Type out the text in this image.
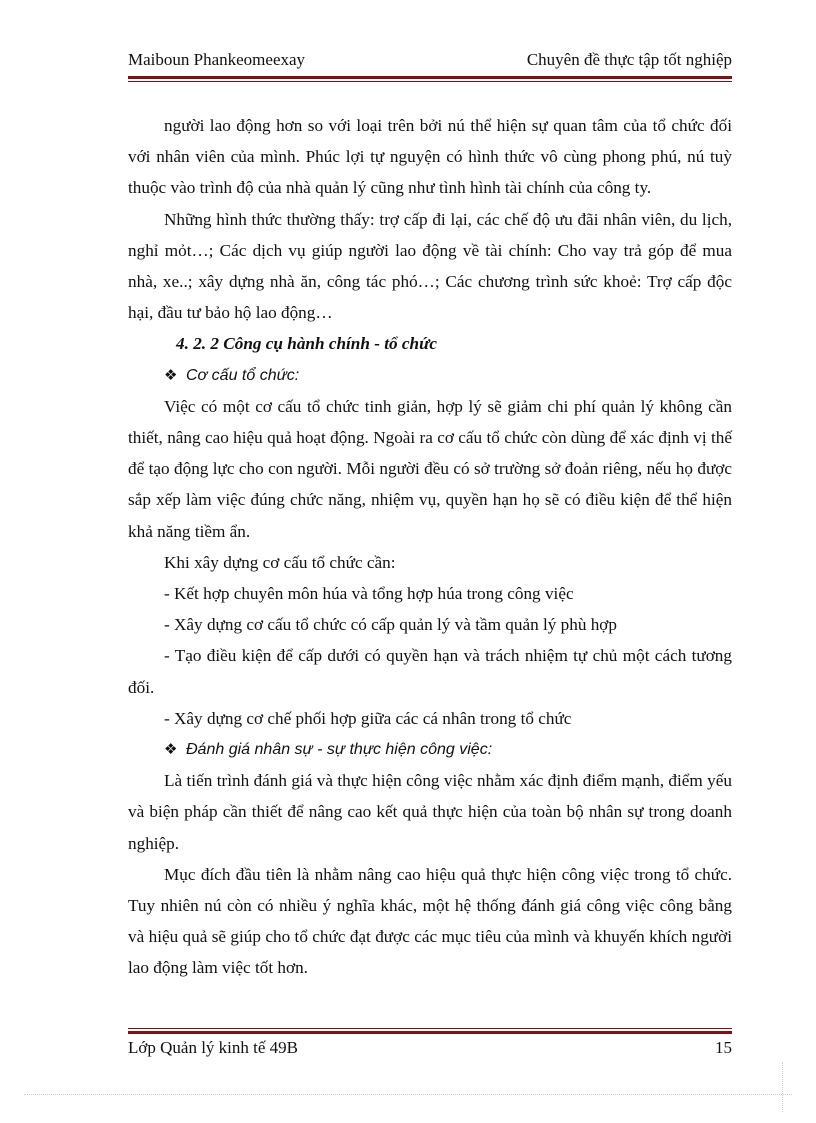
Maiboun Phankeomeexay	Chuyên đề thực tập tốt nghiệp

người lao động hơn so với loại trên bởi nú thể hiện sự quan tâm của tổ chức đối với nhân viên của mình. Phúc lợi tự nguyện có hình thức vô cùng phong phú, nú tuỳ thuộc vào trình độ của nhà quản lý cũng như tình hình tài chính của công ty.

Những hình thức thường thấy: trợ cấp đi lại, các chế độ ưu đãi nhân viên, du lịch, nghỉ mỏt…; Các dịch vụ giúp người lao động về tài chính: Cho vay trả góp để mua nhà, xe..; xây dựng nhà ăn, công tác phó…; Các chương trình sức khoẻ: Trợ cấp độc hại, đầu tư bảo hộ lao động…

4. 2. 2 Công cụ hành chính - tổ chức

❖ Cơ cấu tổ chức:

Việc có một cơ cấu tổ chức tinh giản, hợp lý sẽ giảm chi phí quản lý không cần thiết, nâng cao hiệu quả hoạt động. Ngoài ra cơ cấu tổ chức còn dùng để xác định vị thế để tạo động lực cho con người. Mỗi người đều có sở trường sở đoản riêng, nếu họ được sắp xếp làm việc đúng chức năng, nhiệm vụ, quyền hạn họ sẽ có điều kiện để thể hiện khả năng tiềm ẩn.

Khi xây dựng cơ cấu tổ chức cần:

- Kết hợp chuyên môn húa và tổng hợp húa trong công việc

- Xây dựng cơ cấu tổ chức có cấp quản lý và tầm quản lý phù hợp

- Tạo điều kiện để cấp dưới có quyền hạn và trách nhiệm tự chủ một cách tương đối.

- Xây dựng cơ chế phối hợp giữa các cá nhân trong tổ chức

❖ Đánh giá nhân sự - sự thực hiện công việc:

Là tiến trình đánh giá và thực hiện công việc nhằm xác định điểm mạnh, điểm yếu và biện pháp cần thiết để nâng cao kết quả thực hiện của toàn bộ nhân sự trong doanh nghiệp.

Mục đích đầu tiên là nhằm nâng cao hiệu quả thực hiện công việc trong tổ chức. Tuy nhiên nú còn có nhiều ý nghĩa khác, một hệ thống đánh giá công việc công bằng và hiệu quả sẽ giúp cho tổ chức đạt được các mục tiêu của mình và khuyến khích người lao động làm việc tốt hơn.

Lớp Quản lý kinh tế 49B	15
